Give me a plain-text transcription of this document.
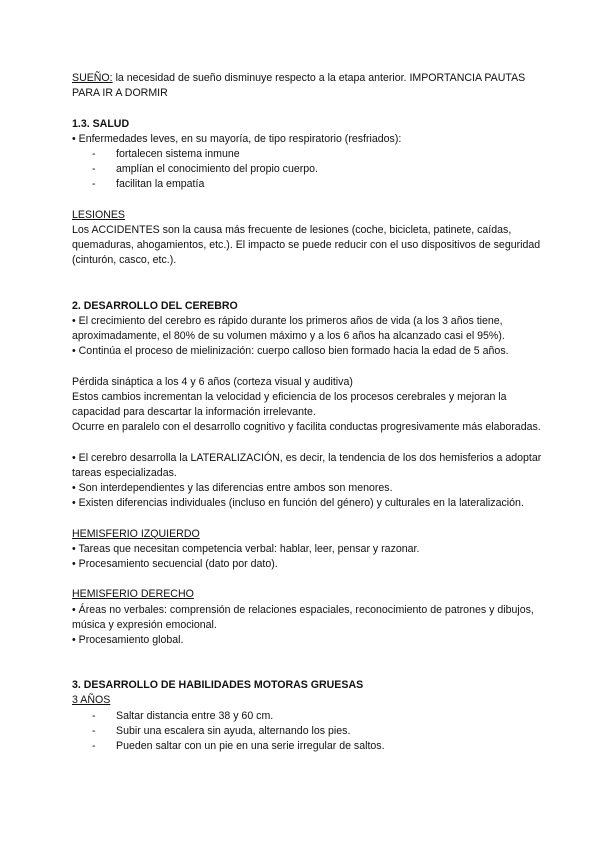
SUEÑO: la necesidad de sueño disminuye respecto a la etapa anterior. IMPORTANCIA PAUTAS PARA IR A DORMIR

1.3. SALUD

• Enfermedades leves, en su mayoría, de tipo respiratorio (resfriados):

- fortalecen sistema inmune
- amplían el conocimiento del propio cuerpo.
- facilitan la empatía

LESIONES

Los ACCIDENTES son la causa más frecuente de lesiones (coche, bicicleta, patinete, caídas, quemaduras, ahogamientos, etc.). El impacto se puede reducir con el uso dispositivos de seguridad (cinturón, casco, etc.).

2. DESARROLLO DEL CEREBRO

• El crecimiento del cerebro es rápido durante los primeros años de vida (a los 3 años tiene, aproximadamente, el 80% de su volumen máximo y a los 6 años ha alcanzado casi el 95%).

• Continúa el proceso de mielinización: cuerpo calloso bien formado hacia la edad de 5 años.

Pérdida sináptica a los 4 y 6 años (corteza visual y auditiva)

Estos cambios incrementan la velocidad y eficiencia de los procesos cerebrales y mejoran la capacidad para descartar la información irrelevante.

Ocurre en paralelo con el desarrollo cognitivo y facilita conductas progresivamente más elaboradas.

• El cerebro desarrolla la LATERALIZACIÓN, es decir, la tendencia de los dos hemisferios a adoptar tareas especializadas.

• Son interdependientes y las diferencias entre ambos son menores.

• Existen diferencias individuales (incluso en función del género) y culturales en la lateralización.

HEMISFERIO IZQUIERDO

• Tareas que necesitan competencia verbal: hablar, leer, pensar y razonar.

• Procesamiento secuencial (dato por dato).

HEMISFERIO DERECHO

• Áreas no verbales: comprensión de relaciones espaciales, reconocimiento de patrones y dibujos, música y expresión emocional.

• Procesamiento global.

3. DESARROLLO DE HABILIDADES MOTORAS GRUESAS

3 AÑOS

- Saltar distancia entre 38 y 60 cm.
- Subir una escalera sin ayuda, alternando los pies.
- Pueden saltar con un pie en una serie irregular de saltos.
